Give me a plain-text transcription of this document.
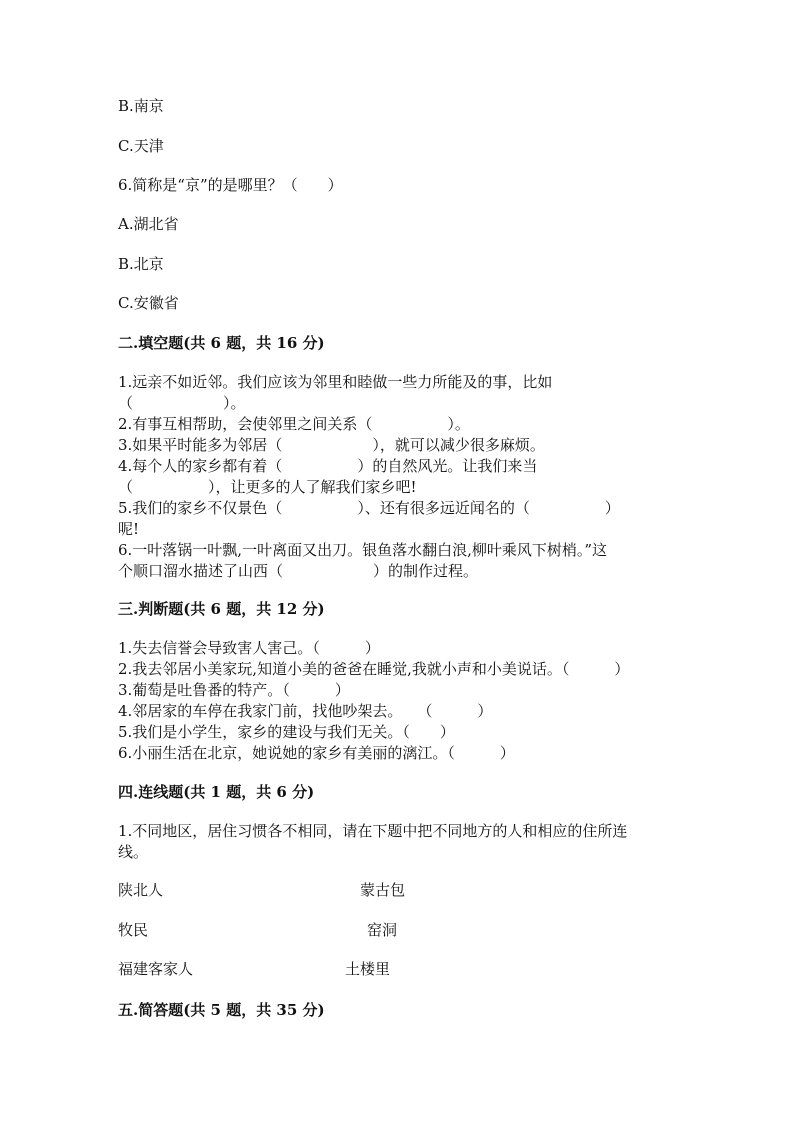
B.南京
C.天津
6.简称是“京”的是哪里？（　　）
A.湖北省
B.北京
C.安徽省
二.填空题(共 6 题，共 16 分)
1.远亲不如近邻。我们应该为邻里和睦做一些力所能及的事，比如
（　　　　　　）。
2.有事互相帮助，会使邻里之间关系（　　　　　）。
3.如果平时能多为邻居（　　　　　　），就可以减少很多麻烦。
4.每个人的家乡都有着（　　　　　）的自然风光。让我们来当
（　　　　　），让更多的人了解我们家乡吧!
5.我们的家乡不仅景色（　　　　　）、还有很多远近闻名的（　　　　　）
呢!
6.一叶落锅一叶飘,一叶离面又出刀。银鱼落水翻白浪,柳叶乘风下树梢。”这
个顺口溜水描述了山西（　　　　　　）的制作过程。
三.判断题(共 6 题，共 12 分)
1.失去信誉会导致害人害己。（　　　）
2.我去邻居小美家玩,知道小美的爸爸在睡觉,我就小声和小美说话。（　　　）
3.葡萄是吐鲁番的特产。（　　　）
4.邻居家的车停在我家门前，找他吵架去。　　（　　　）
5.我们是小学生，家乡的建设与我们无关。（　　）
6.小丽生活在北京，她说她的家乡有美丽的漓江。（　　　）
四.连线题(共 1 题，共 6 分)
1.不同地区，居住习惯各不相同，请在下题中把不同地方的人和相应的住所连
线。
陕北人	蒙古包
牧民	窑洞
福建客家人	土楼里
五.简答题(共 5 题，共 35 分)
